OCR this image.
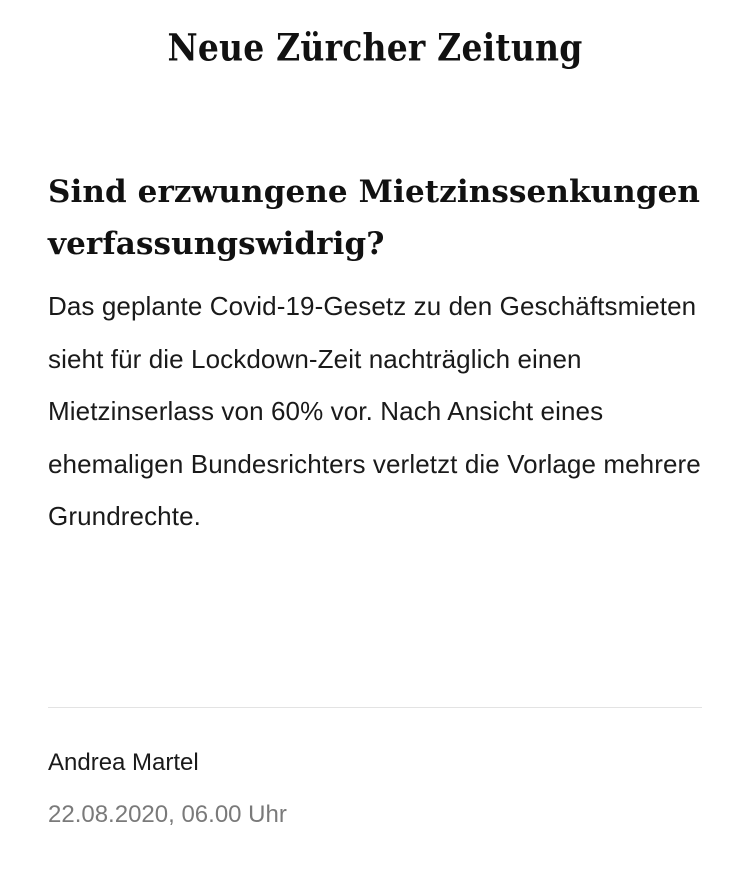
Neue Zürcher Zeitung
Sind erzwungene Mietzinssenkungen verfassungswidrig?

Das geplante Covid-19-Gesetz zu den Geschäftsmieten sieht für die Lockdown-Zeit nachträglich einen Mietzinserlass von 60% vor. Nach Ansicht eines ehemaligen Bundesrichters verletzt die Vorlage mehrere Grundrechte.

Andrea Martel
22.08.2020, 06.00 Uhr
